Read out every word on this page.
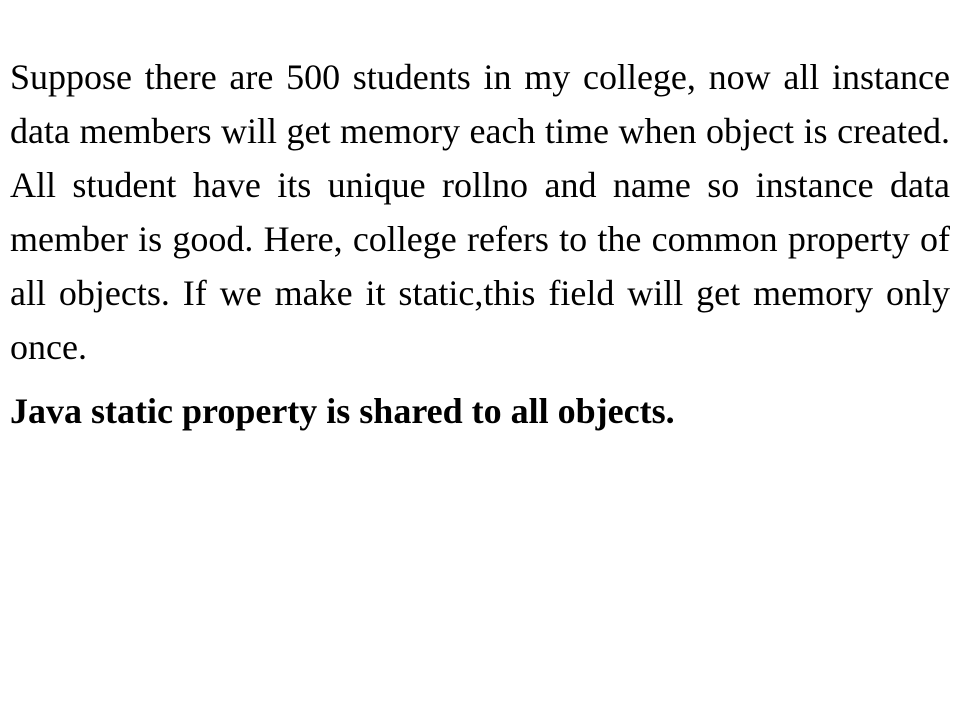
Suppose there are 500 students in my college, now all instance data members will get memory each time when object is created. All student have its unique rollno and name so instance data member is good. Here, college refers to the common property of all objects. If we make it static,this field will get memory only once.

Java static property is shared to all objects.
